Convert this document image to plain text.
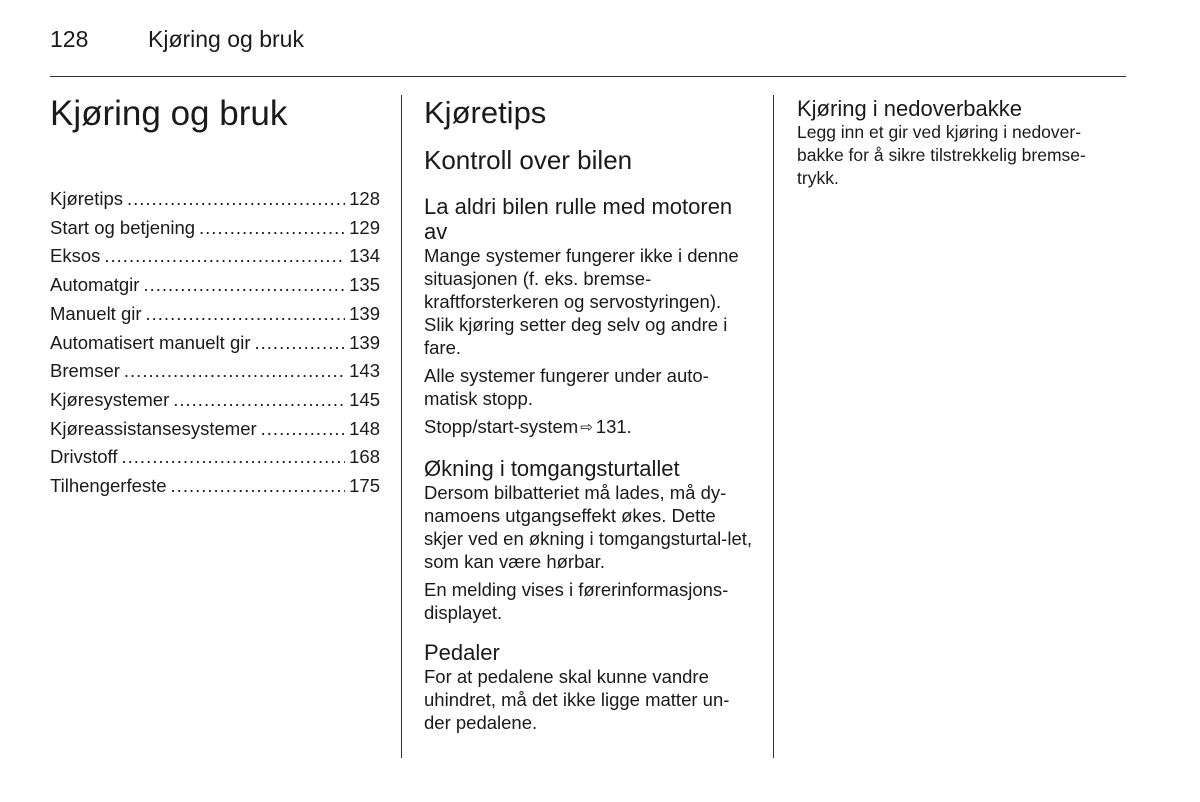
128	Kjøring og bruk
Kjøring og bruk
Kjøretips .....	128
Start og betjening .....	129
Eksos .....	134
Automatgir .....	135
Manuelt gir .....	139
Automatisert manuelt gir .....	139
Bremser .....	143
Kjøresystemer .....	145
Kjøreassistansesystemer .....	148
Drivstoff .....	168
Tilhengerfeste .....	175
Kjøretips
Kontroll over bilen
La aldri bilen rulle med motoren av

Mange systemer fungerer ikke i denne situasjonen (f. eks. bremse-kraftforsterkeren og servostyringen). Slik kjøring setter deg selv og andre i fare.

Alle systemer fungerer under auto-matisk stopp.

Stopp/start-system ⇨ 131.

Økning i tomgangsturtallet

Dersom bilbatteriet må lades, må dy-namoens utgangseffekt økes. Dette skjer ved en økning i tomgangsturtal-let, som kan være hørbar.

En melding vises i førerinformasjons-displayet.

Pedaler

For at pedalene skal kunne vandre uhindret, må det ikke ligge matter un-der pedalene.

Kjøring i nedoverbakke

Legg inn et gir ved kjøring i nedover-bakke for å sikre tilstrekkelig bremse-trykk.
